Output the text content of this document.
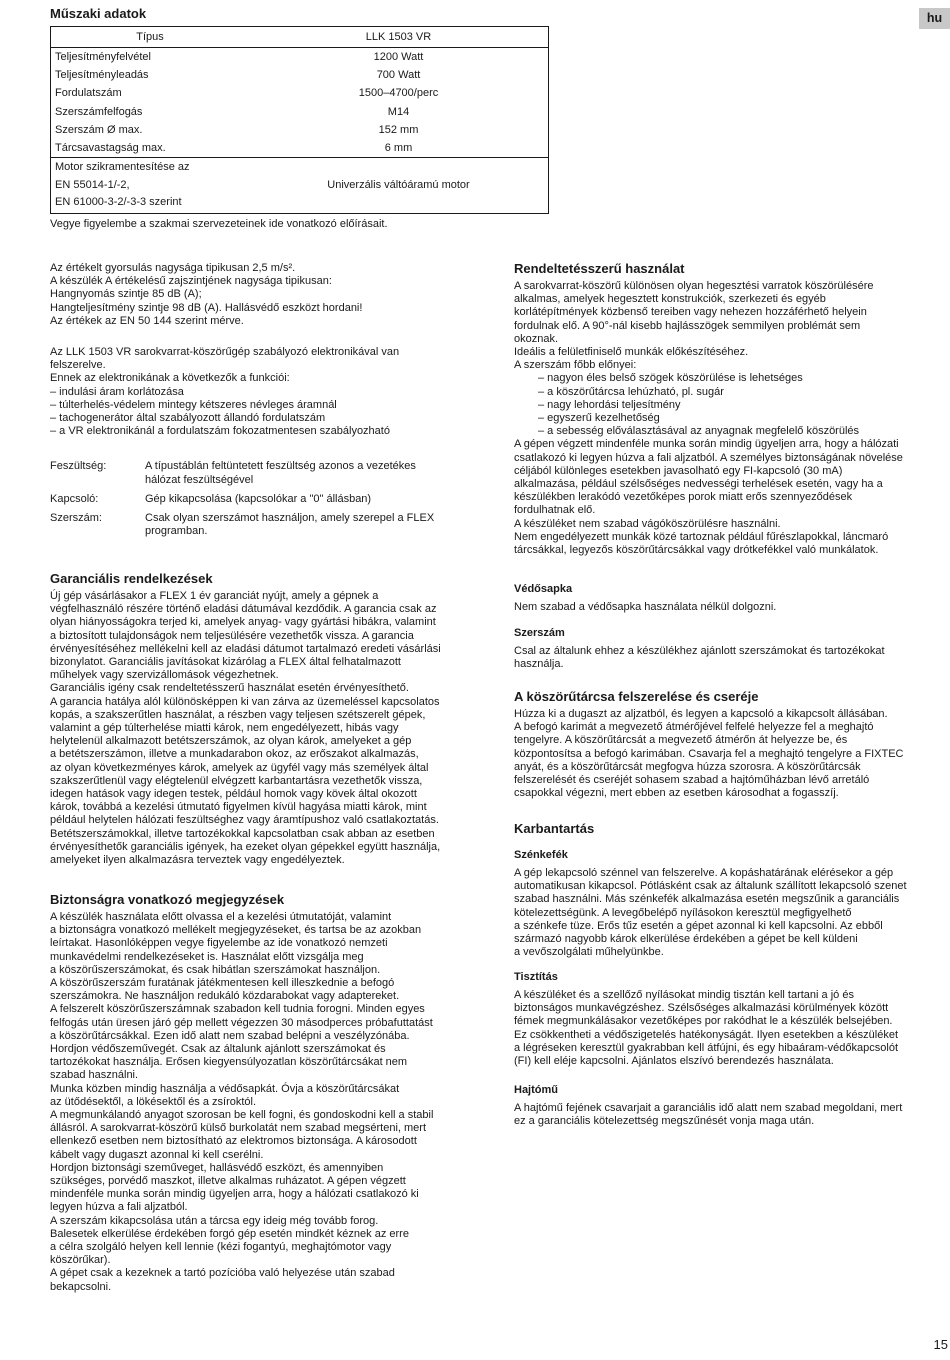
hu
Műszaki adatok
Típus	LLK 1503 VR
Teljesítményfelvétel	1200 Watt
Teljesítményleadás	700 Watt
Fordulatszám	1500–4700/perc
Szerszámfelfogás	M14
Szerszám Ø max.	152 mm
Tárcsavastagság max.	6 mm

Motor szikramentesítése az
EN 55014-1/-2,
EN 61000-3-2/-3-3 szerint	Univerzális váltóáramú motor
Vegye figyelembe a szakmai szervezeteinek ide vonatkozó előírásait.

Az értékelt gyorsulás nagysága tipikusan 2,5 m/s².

A készülék A értékelésű zajszintjének nagysága tipikusan:

Hangnyomás szintje 85 dB (A);

Hangteljesítmény szintje 98 dB (A). Hallásvédő eszközt hordani!

Az értékek az EN 50 144 szerint mérve.

Az LLK 1503 VR sarokvarrat-köszörűgép szabályozó elektronikával van

felszerelve.

Ennek az elektronikának a következők a funkciói:

– indulási áram korlátozása

– túlterhelés-védelem mintegy kétszeres névleges áramnál

– tachogenerátor által szabályozott állandó fordulatszám

– a VR elektronikánál a fordulatszám fokozatmentesen szabályozható

Feszültség:	A típustáblán feltüntetett feszültség azonos a vezetékes
hálózat feszültségével
Kapcsoló:	Gép kikapcsolása (kapcsolókar a "0" állásban)
Szerszám:	Csak olyan szerszámot használjon, amely szerepel a FLEX
programban.
Garanciális rendelkezések

Új gép vásárlásakor a FLEX 1 év garanciát nyújt, amely a gépnek a

végfelhasználó részére történő eladási dátumával kezdődik. A garancia csak az

olyan hiányosságokra terjed ki, amelyek anyag- vagy gyártási hibákra, valamint

a biztosított tulajdonságok nem teljesülésére vezethetők vissza. A garancia

érvényesítéséhez mellékelni kell az eladási dátumot tartalmazó eredeti vásárlási

bizonylatot. Garanciális javításokat kizárólag a FLEX által felhatalmazott

műhelyek vagy szervizállomások végezhetnek.

Garanciális igény csak rendeltetésszerű használat esetén érvényesíthető.

A garancia hatálya alól különösképpen ki van zárva az üzemeléssel kapcsolatos

kopás, a szakszerűtlen használat, a részben vagy teljesen szétszerelt gépek,

valamint a gép túlterhelése miatti károk, nem engedélyezett, hibás vagy

helytelenül alkalmazott betétszerszámok, az olyan károk, amelyeket a gép

a betétszerszámon, illetve a munkadarabon okoz, az erőszakot alkalmazás,

az olyan következményes károk, amelyek az ügyfél vagy más személyek által

szakszerűtlenül vagy elégtelenül elvégzett karbantartásra vezethetők vissza,

idegen hatások vagy idegen testek, például homok vagy kövek által okozott

károk, továbbá a kezelési útmutató figyelmen kívül hagyása miatti károk, mint

például helytelen hálózati feszültséghez vagy áramtípushoz való csatlakoztatás.

Betétszerszámokkal, illetve tartozékokkal kapcsolatban csak abban az esetben

érvényesíthetők garanciális igények, ha ezeket olyan gépekkel együtt használja,

amelyeket ilyen alkalmazásra terveztek vagy engedélyeztek.

Biztonságra vonatkozó megjegyzések

A készülék használata előtt olvassa el a kezelési útmutatóját, valamint

a biztonságra vonatkozó mellékelt megjegyzéseket, és tartsa be az azokban

leírtakat. Hasonlóképpen vegye figyelembe az ide vonatkozó nemzeti

munkavédelmi rendelkezéseket is. Használat előtt vizsgálja meg

a köszörűszerszámokat, és csak hibátlan szerszámokat használjon.

A köszörűszerszám furatának játékmentesen kell illeszkednie a befogó

szerszámokra. Ne használjon redukáló közdarabokat vagy adaptereket.

A felszerelt köszörűszerszámnak szabadon kell tudnia forogni. Minden egyes

felfogás után üresen járó gép mellett végezzen 30 másodperces próbafuttatást

a köszörűtárcsákkal. Ezen idő alatt nem szabad belépni a veszélyzónába.

Hordjon védőszeművegét. Csak az általunk ajánlott szerszámokat és

tartozékokat használja. Erősen kiegyensúlyozatlan köszörűtárcsákat nem

szabad használni.

Munka közben mindig használja a védősapkát. Óvja a köszörűtárcsákat

az ütődésektől, a lökésektől és a zsíroktól.

A megmunkálandó anyagot szorosan be kell fogni, és gondoskodni kell a stabil

állásról. A sarokvarrat-köszörű külső burkolatát nem szabad megsérteni, mert

ellenkező esetben nem biztosítható az elektromos biztonsága. A károsodott

kábelt vagy dugaszt azonnal ki kell cserélni.

Hordjon biztonsági szeműveget, hallásvédő eszközt, és amennyiben

szükséges, porvédő maszkot, illetve alkalmas ruházatot. A gépen végzett

mindenféle munka során mindig ügyeljen arra, hogy a hálózati csatlakozó ki

legyen húzva a fali aljzatból.

A szerszám kikapcsolása után a tárcsa egy ideig még tovább forog.

Balesetek elkerülése érdekében forgó gép esetén mindkét kéznek az erre

a célra szolgáló helyen kell lennie (kézi fogantyú, meghajtómotor vagy

köszörűkar).

A gépet csak a kezeknek a tartó pozícióba való helyezése után szabad

bekapcsolni.

Rendeltetésszerű használat

A sarokvarrat-köszörű különösen olyan hegesztési varratok köszörülésére

alkalmas, amelyek hegesztett konstrukciók, szerkezeti és egyéb

korlátépítmények közbenső tereiben vagy nehezen hozzáférhető helyein

fordulnak elő. A 90°-nál kisebb hajlásszögek semmilyen problémát sem

okoznak.

Ideális a felületfiniselő munkák előkészítéséhez.

A szerszám főbb előnyei:

– nagyon éles belső szögek köszörülése is lehetséges

– a köszörűtárcsa lehúzható, pl. sugár

– nagy lehordási teljesítmény

– egyszerű kezelhetőség

– a sebesség előválasztásával az anyagnak megfelelő köszörülés

A gépen végzett mindenféle munka során mindig ügyeljen arra, hogy a hálózati

csatlakozó ki legyen húzva a fali aljzatból. A személyes biztonságának növelése

céljából különleges esetekben javasolható egy FI-kapcsoló (30 mA)

alkalmazása, például szélsőséges nedvességi terhelések esetén, vagy ha a

készülékben lerakódó vezetőképes porok miatt erős szennyeződések

fordulhatnak elő.

A készüléket nem szabad vágóköszörülésre használni.

Nem engedélyezett munkák közé tartoznak például fűrészlapokkal, láncmaró

tárcsákkal, legyezős köszörűtárcsákkal vagy drótkefékkel való munkálatok.

Védősapka
Nem szabad a védősapka használata nélkül dolgozni.
Szerszám

Csal az általunk ehhez a készülékhez ajánlott szerszámokat és tartozékokat

használja.

A köszörűtárcsa felszerelése és cseréje

Húzza ki a dugaszt az aljzatból, és legyen a kapcsoló a kikapcsolt állásában.

A befogó karimát a megvezető átmérőjével felfelé helyezze fel a meghajtó

tengelyre. A köszörűtárcsát a megvezető átmérőn át helyezze be, és

központosítsa a befogó karimában. Csavarja fel a meghajtó tengelyre a FIXTEC

anyát, és a köszörűtárcsát megfogva húzza szorosra. A köszörűtárcsák

felszerelését és cseréjét sohasem szabad a hajtóműházban lévő arretáló

csapokkal végezni, mert ebben az esetben károsodhat a fogasszíj.

Karbantartás
Szénkefék

A gép lekapcsoló szénnel van felszerelve. A kopáshatárának elérésekor a gép

automatikusan kikapcsol. Pótlásként csak az általunk szállított lekapcsoló szenet

szabad használni. Más szénkefék alkalmazása esetén megszűnik a garanciális

kötelezettségünk. A levegőbelépő nyílásokon keresztül megfigyelhető

a szénkefe tüze. Erős tűz esetén a gépet azonnal ki kell kapcsolni. Az ebből

származó nagyobb károk elkerülése érdekében a gépet be kell küldeni

a vevőszolgálati műhelyünkbe.

Tisztítás

A készüléket és a szellőző nyílásokat mindig tisztán kell tartani a jó és

biztonságos munkavégzéshez. Szélsőséges alkalmazási körülmények között

fémek megmunkálásakor vezetőképes por rakódhat le a készülék belsejében.

Ez csökkentheti a védőszigetelés hatékonyságát. Ilyen esetekben a készüléket

a légréseken keresztül gyakrabban kell átfújni, és egy hibaáram-védőkapcsolót

(FI) kell eléje kapcsolni. Ajánlatos elszívó berendezés használata.

Hajtómű

A hajtómű fejének csavarjait a garanciális idő alatt nem szabad megoldani, mert

ez a garanciális kötelezettség megszűnését vonja maga után.

15
